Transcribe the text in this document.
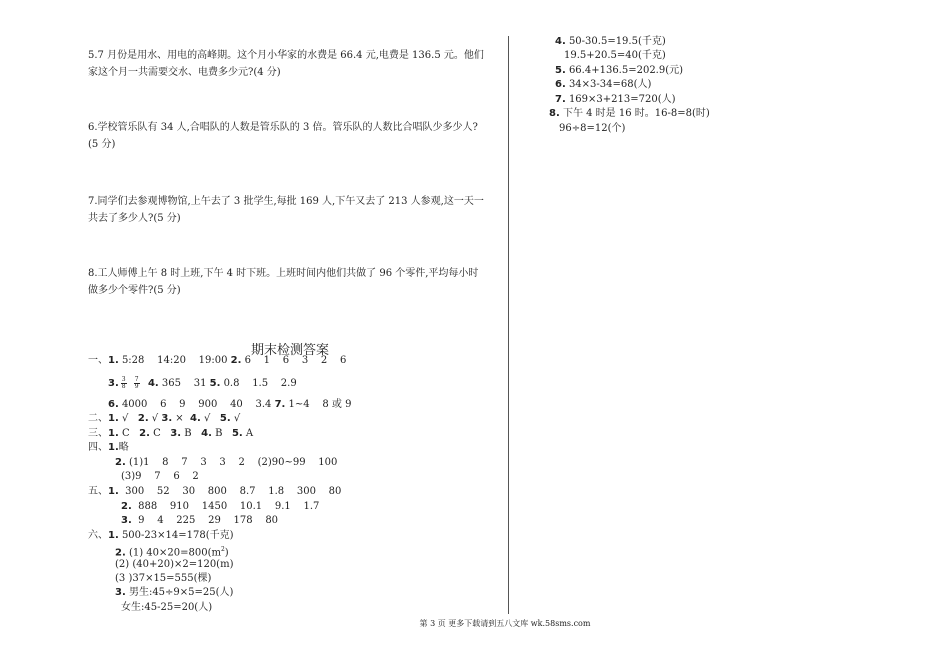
5.7 月份是用水、用电的高峰期。这个月小华家的水费是 66.4 元,电费是 136.5 元。他们家这个月一共需要交水、电费多少元?(4 分)
6.学校管乐队有 34 人,合唱队的人数是管乐队的 3 倍。管乐队的人数比合唱队少多少人?(5 分)
7.同学们去参观博物馆,上午去了 3 批学生,每批 169 人,下午又去了 213 人参观,这一天一共去了多少人?(5 分)
8.工人师傅上午 8 时上班,下午 4 时下班。上班时间内他们共做了 96 个零件,平均每小时做多少个零件?(5 分)
期末检测答案
一、1. 5:28    14:20    19:00 2. 6    1    6    3    2    6
3. $\frac{3}{8}$
$\frac{7}{9} 4$. 365    31 5. 0.8    1.5    2.9
6. 4000    6    9    900    40    3.4 7. 1~4    8 或 9
二、1. √   2. √ 3. ×  4. √   5. √
三、1. C   2. C   3. B   4. B   5. A
四、1.略
2. (1)1    8    7    3    3    2    (2)90~99    100
(3)9    7    6    2
五、1.  300    52    30    800    8.7    1.8    300    80
2.  888    910    1450    10.1    9.1    1.7
3.  9    4    225    29    178    80
六、1. 500-23×14=178(千克)
2. (1) $40\times 20=800(m^2)$
(2) (40+20)×2=120(m)
(3 )37×15=555(棵)
3. 男生:45÷9×5=25(人)
女生:45-25=20(人)
4. 50-30.5=19.5(千克)
19.5+20.5=40(千克)
5. 66.4+136.5=202.9(元)
6. 34×3-34=68(人)
7. 169×3+213=720(人)
8. 下午 4 时是 16 时。16-8=8(时)
96÷8=12(个)
第 3 页 更多下载请到五八文库 wk.58sms.com
